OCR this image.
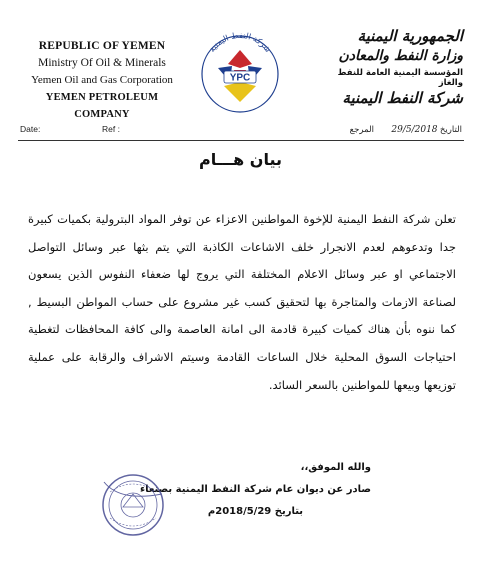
REPUBLIC OF YEMEN
Ministry Of Oil & Minerals
Yemen Oil and Gas Corporation
YEMEN PETROLEUM COMPANY
شركة النفط اليمنية
YPC
الجمهورية اليمنية
وزارة النفط والمعادن
المؤسسة اليمنية العامة للنفط والغاز
شركة النفط اليمنية
Date:	Ref :	المرجع	التاريخ 29/5/2018
بيان هـــام
تعلن شركة النفط اليمنية للإخوة المواطنين الاعزاء عن توفر المواد البترولية بكميات كبيرة جدا وتدعوهم لعدم الانجرار خلف الاشاعات الكاذبة التي يتم بثها عبر وسائل التواصل الاجتماعي او عبر وسائل الاعلام المختلفة التي يروج لها ضعفاء النفوس الذين يسعون لصناعة الازمات والمتاجرة بها لتحقيق كسب غير مشروع على حساب المواطن البسيط , كما ننوه بأن هناك كميات كبيرة قادمة الى امانة العاصمة والى كافة المحافظات لتغطية احتياجات السوق المحلية خلال الساعات القادمة وسيتم الاشراف والرقابة على عملية توزيعها وبيعها للمواطنين بالسعر السائد.
والله الموفق،،
صادر عن ديوان عام شركة النفط اليمنية بصنعاء
بتاريخ 2018/5/29م
